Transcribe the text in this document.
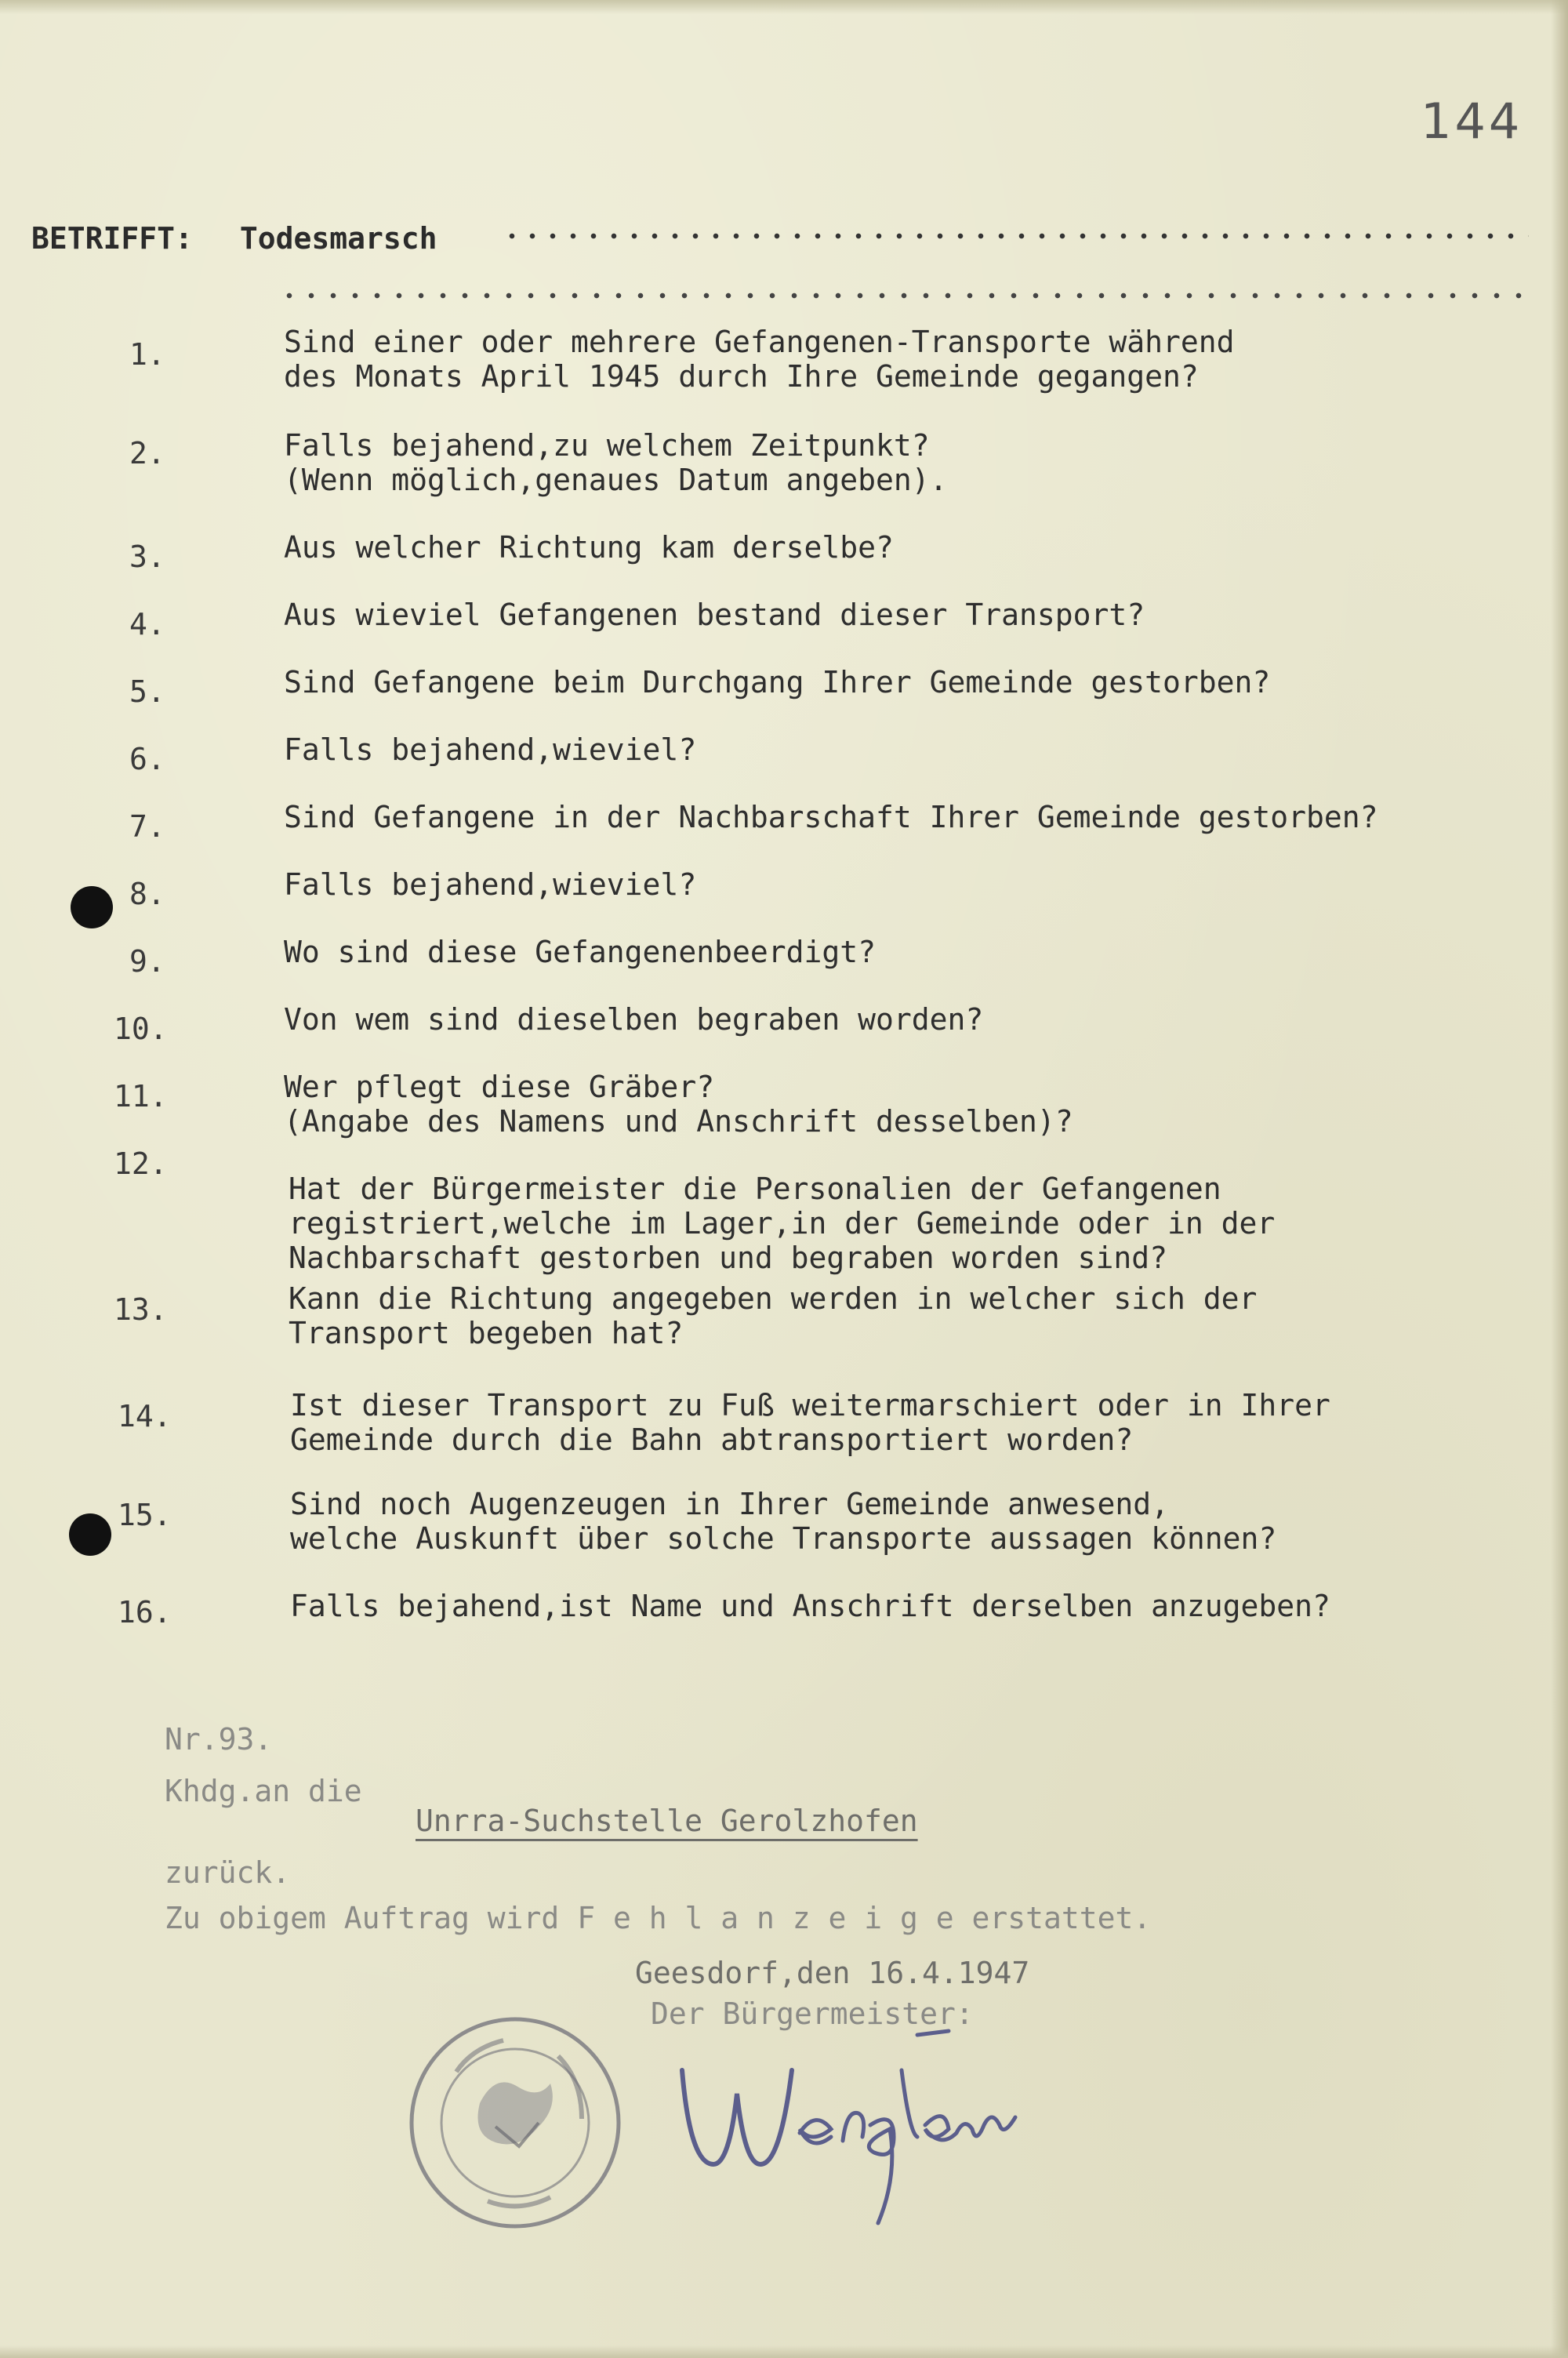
144
BETRIFFT: Todesmarsch
1.	Sind einer oder mehrere Gefangenen-Transporte während
des Monats April 1945 durch Ihre Gemeinde gegangen?
2.	Falls bejahend,zu welchem Zeitpunkt?
(Wenn möglich,genaues Datum angeben).
3.	Aus welcher Richtung kam derselbe?
4.	Aus wieviel Gefangenen bestand dieser Transport?
5.	Sind Gefangene beim Durchgang Ihrer Gemeinde gestorben?
6.	Falls bejahend,wieviel?
7.	Sind Gefangene in der Nachbarschaft Ihrer Gemeinde gestorben?
8.	Falls bejahend,wieviel?
9.	Wo sind diese Gefangenenbeerdigt?
10.	Von wem sind dieselben begraben worden?
11.	Wer pflegt diese Gräber?
(Angabe des Namens und Anschrift desselben)?
12.
Hat der Bürgermeister die Personalien der Gefangenen
registriert,welche im Lager,in der Gemeinde oder in der
Nachbarschaft gestorben und begraben worden sind?
13.	Kann die Richtung angegeben werden in welcher sich der
Transport begeben hat?
14.	Ist dieser Transport zu Fuß weitermarschiert oder in Ihrer
Gemeinde durch die Bahn abtransportiert worden?
15.	Sind noch Augenzeugen in Ihrer Gemeinde anwesend,
welche Auskunft über solche Transporte aussagen können?
16.	Falls bejahend,ist Name und Anschrift derselben anzugeben?
Nr.93.
Khdg.an die
Unrra-Suchstelle Gerolzhofen
zurück.
Zu obigem Auftrag wird F e h l a n z e i g e erstattet.
Geesdorf,den 16.4.1947
Der Bürgermeister:
